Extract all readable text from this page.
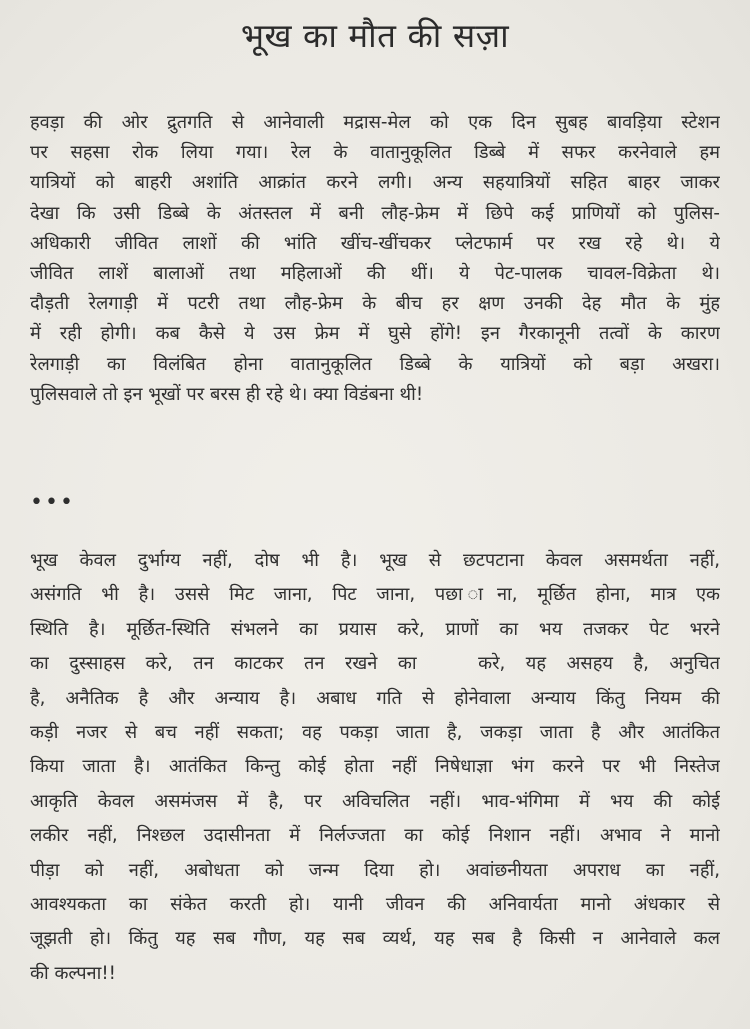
भूख का मौत की सज़ा
हवड़ा की ओर द्रुतगति से आनेवाली मद्रास-मेल को एक दिन सुबह बावड़िया स्टेशन
पर सहसा रोक लिया गया। रेल के वातानुकूलित डिब्बे में सफर करनेवाले हम
यात्रियों को बाहरी अशांति आक्रांत करने लगी। अन्य सहयात्रियों सहित बाहर जाकर
देखा कि उसी डिब्बे के अंतस्तल में बनी लौह-फ्रेम में छिपे कई प्राणियों को पुलिस-
अधिकारी जीवित लाशों की भांति खींच-खींचकर प्लेटफार्म पर रख रहे थे। ये
जीवित लाशें बालाओं तथा महिलाओं की थीं। ये पेट-पालक चावल-विक्रेता थे।
दौड़ती रेलगाड़ी में पटरी तथा लौह-फ्रेम के बीच हर क्षण उनकी देह मौत के मुंह
में रही होगी। कब कैसे ये उस फ्रेम में घुसे होंगे! इन गैरकानूनी तत्वों के कारण
रेलगाड़ी का विलंबित होना वातानुकूलित डिब्बे के यात्रियों को बड़ा अखरा।
पुलिसवाले तो इन भूखों पर बरस ही रहे थे। क्या विडंबना थी!
•••
भूख केवल दुर्भाग्य नहीं, दोष भी है। भूख से छटपटाना केवल असमर्थता नहीं,
असंगति भी है। उससे मिट जाना, पिट जाना, पछा‌ ाना, मूर्छित होना, मात्र एक
स्थिति है। मूर्छित-स्थिति संभलने का प्रयास करे, प्राणों का भय तजकर पेट भरने
का दुस्साहस करे, तन काटकर तन रखने का ‌ ‌ करे, यह असहय है, अनुचित
है, अनैतिक है और अन्याय है। अबाध गति से होनेवाला अन्याय किंतु नियम की
कड़ी नजर से बच नहीं सकता; वह पकड़ा जाता है, जकड़ा जाता है और आतंकित
किया जाता है। आतंकित किन्तु कोई होता नहीं निषेधाज्ञा भंग करने पर भी निस्तेज
आकृति केवल असमंजस में है, पर अविचलित नहीं। भाव-भंगिमा में भय की कोई
लकीर नहीं, निश्छल उदासीनता में निर्लज्जता का कोई निशान नहीं। अभाव ने मानो
पीड़ा को नहीं, अबोधता को जन्म दिया हो। अवांछनीयता अपराध का नहीं,
आवश्यकता का संकेत करती हो। यानी जीवन की अनिवार्यता मानो अंधकार से
जूझती हो। किंतु यह सब गौण, यह सब व्यर्थ, यह सब है किसी न आनेवाले कल
की कल्पना!!
